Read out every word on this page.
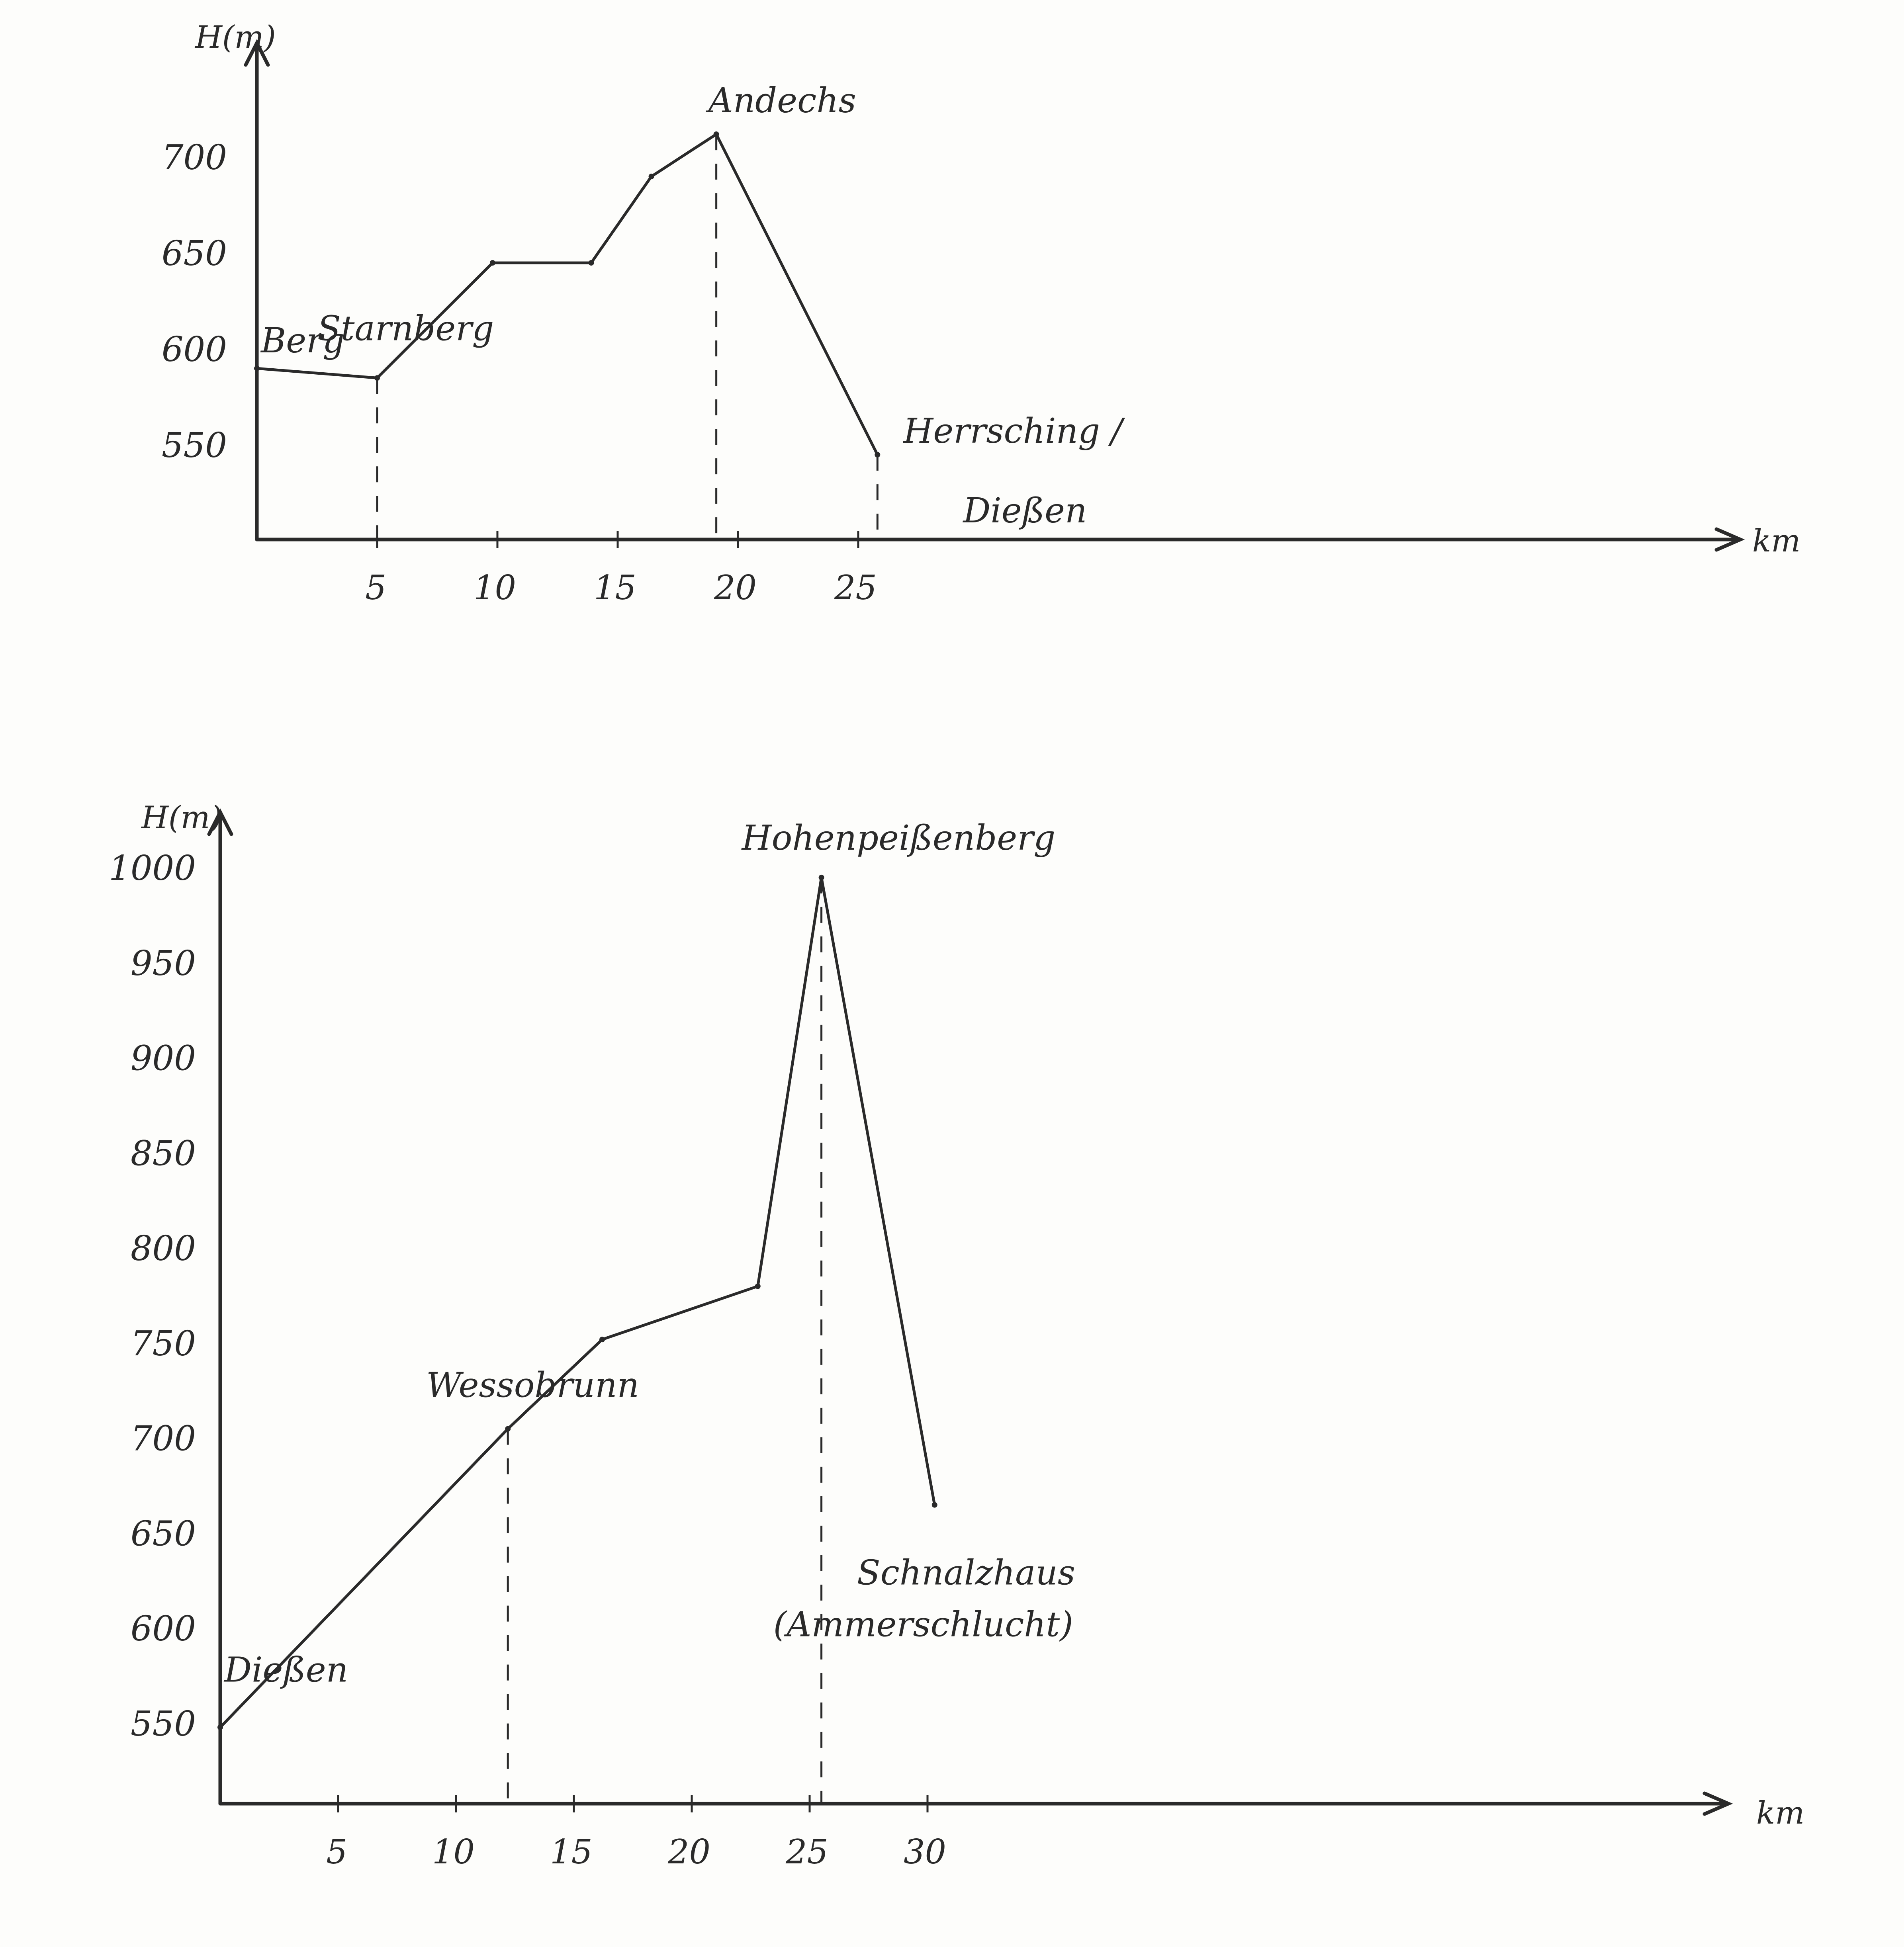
H(m)
km
700
650
600
550
5	10 15 20 25
Berg
Starnberg
Andechs
Herrsching /
Dießen
H(m)
km
1000
950
900
850
800
750
700
650
600
550
5	10 15 20 25 30
Dießen
Wessobrunn
Hohenpeißenberg
Schnalzhaus
(Ammerschlucht)
